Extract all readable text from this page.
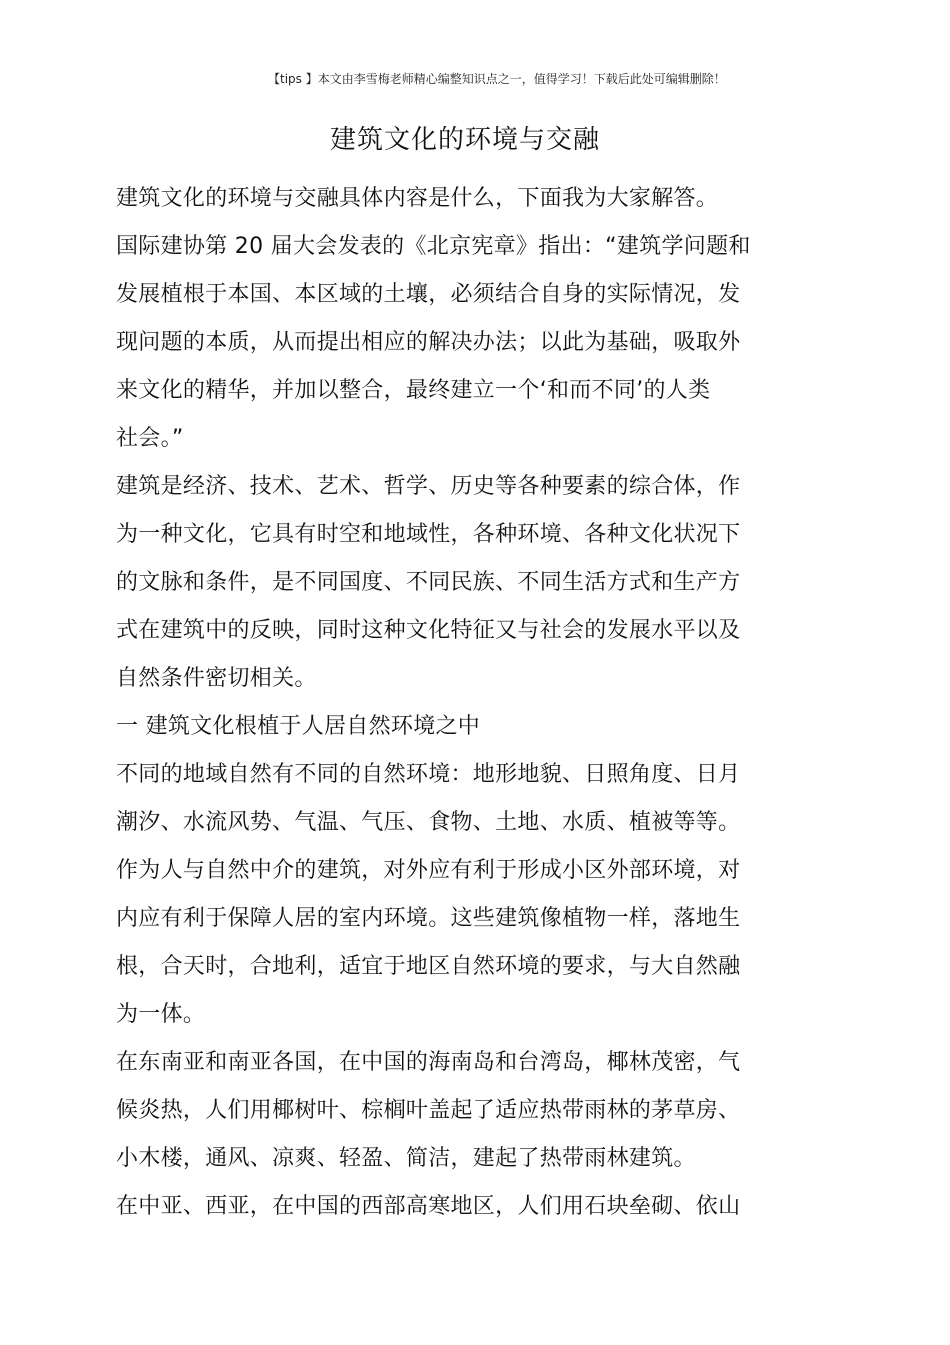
【tips 】本文由李雪梅老师精心编整知识点之一，值得学习！下载后此处可编辑删除！
建筑文化的环境与交融
建筑文化的环境与交融具体内容是什么，下面我为大家解答。
国际建协第 20 届大会发表的《北京宪章》指出：“建筑学问题和
发展植根于本国、本区域的土壤，必须结合自身的实际情况，发
现问题的本质，从而提出相应的解决办法；以此为基础，吸取外
来文化的精华，并加以整合，最终建立一个‘和而不同’的人类
社会。”
建筑是经济、技术、艺术、哲学、历史等各种要素的综合体，作
为一种文化，它具有时空和地域性，各种环境、各种文化状况下
的文脉和条件，是不同国度、不同民族、不同生活方式和生产方
式在建筑中的反映，同时这种文化特征又与社会的发展水平以及
自然条件密切相关。
一 建筑文化根植于人居自然环境之中
不同的地域自然有不同的自然环境：地形地貌、日照角度、日月
潮汐、水流风势、气温、气压、食物、土地、水质、植被等等。
作为人与自然中介的建筑，对外应有利于形成小区外部环境，对
内应有利于保障人居的室内环境。这些建筑像植物一样，落地生
根，合天时，合地利，适宜于地区自然环境的要求，与大自然融
为一体。
在东南亚和南亚各国，在中国的海南岛和台湾岛，椰林茂密，气
候炎热，人们用椰树叶、棕榈叶盖起了适应热带雨林的茅草房、
小木楼，通风、凉爽、轻盈、简洁，建起了热带雨林建筑。
在中亚、西亚，在中国的西部高寒地区，人们用石块垒砌、依山
